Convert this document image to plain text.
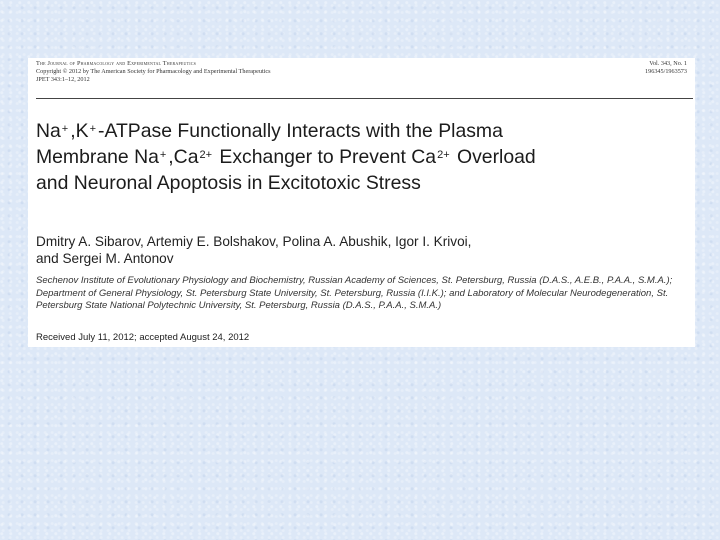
The Journal of Pharmacology and Experimental Therapeutics
Copyright © 2012 by The American Society for Pharmacology and Experimental Therapeutics
JPET 343:1–12, 2012
Vol. 343, No. 1
196345/1963573
Na+ ,K+ -ATPase Functionally Interacts with the Plasma
Membrane Na+ $,Ca^{2+}$ Exchanger to Prevent $Ca^{2+}$ Overload
and Neuronal Apoptosis in Excitotoxic Stress
Dmitry A. Sibarov, Artemiy E. Bolshakov, Polina A. Abushik, Igor I. Krivoi,
and Sergei M. Antonov
Sechenov Institute of Evolutionary Physiology and Biochemistry, Russian Academy of Sciences, St. Petersburg, Russia (D.A.S., A.E.B., P.A.A., S.M.A.); Department of General Physiology, St. Petersburg State University, St. Petersburg, Russia (I.I.K.); and Laboratory of Molecular Neurodegeneration, St. Petersburg State National Polytechnic University, St. Petersburg, Russia (D.A.S., P.A.A., S.M.A.)
Received July 11, 2012; accepted August 24, 2012
